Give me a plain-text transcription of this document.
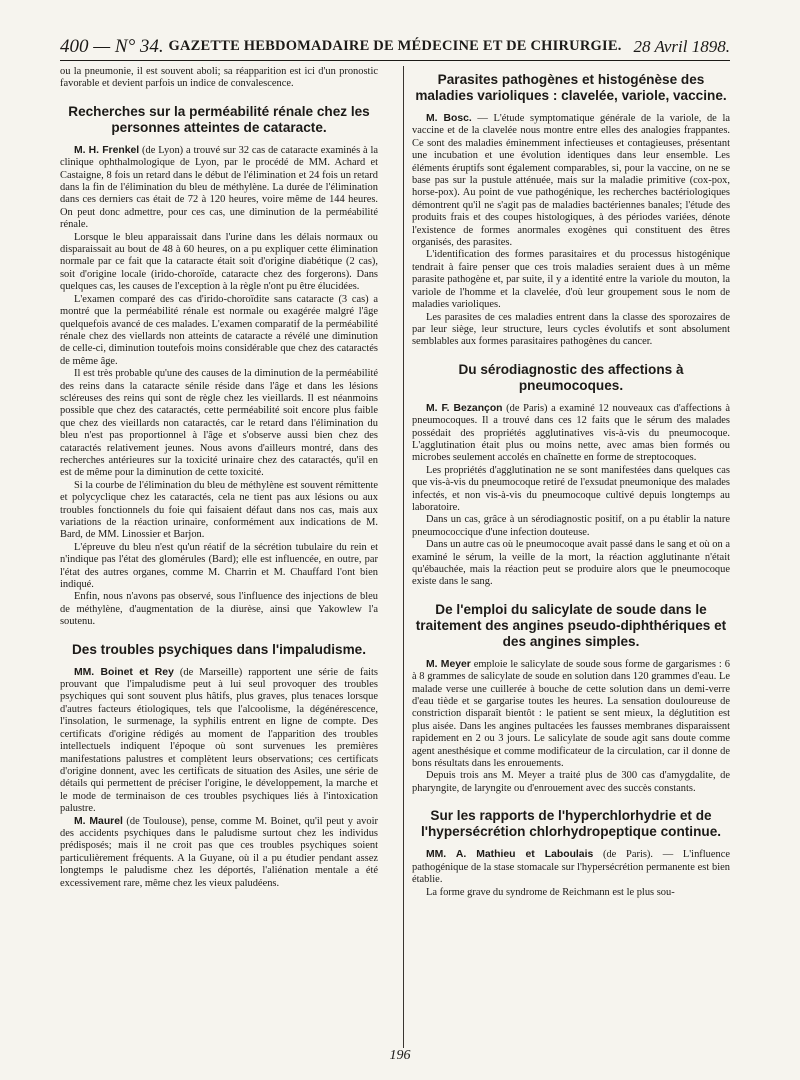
400 — N° 34. GAZETTE HEBDOMADAIRE DE MÉDECINE ET DE CHIRURGIE. 28 Avril 1898.

ou la pneumonie, il est souvent aboli; sa réapparition est ici d'un pronostic favorable et devient parfois un indice de convalescence.

Recherches sur la perméabilité rénale chez les personnes atteintes de cataracte.

M. H. Frenkel (de Lyon) a trouvé sur 32 cas de cataracte examinés à la clinique ophthalmologique de Lyon, par le procédé de MM. Achard et Castaigne, 8 fois un retard dans le début de l'élimination et 24 fois un retard dans la fin de l'élimination du bleu de méthylène. La durée de l'élimination dans ces derniers cas était de 72 à 120 heures, voire même de 144 heures. On peut donc admettre, pour ces cas, une diminution de la perméabilité rénale.

Lorsque le bleu apparaissait dans l'urine dans les délais normaux ou disparaissait au bout de 48 à 60 heures, on a pu expliquer cette élimination normale par ce fait que la cataracte était soit d'origine diabétique (2 cas), soit d'origine locale (irido-choroïde, cataracte chez des forgerons). Dans quelques cas, les causes de l'exception à la règle n'ont pu être élucidées.

L'examen comparé des cas d'irido-choroïdite sans cataracte (3 cas) a montré que la perméabilité rénale est normale ou exagérée malgré l'âge quelquefois avancé de ces malades. L'examen comparatif de la perméabilité rénale chez des viellards non atteints de cataracte a révélé une diminution de celle-ci, diminution toutefois moins considérable que chez des cataractés de même âge.

Il est très probable qu'une des causes de la diminution de la perméabilité des reins dans la cataracte sénile réside dans l'âge et dans les lésions scléreuses des reins qui sont de règle chez les vieillards. Il est néanmoins possible que chez des cataractés, cette perméabilité soit encore plus faible que chez des vieillards non cataractés, car le retard dans l'élimination du bleu n'est pas proportionnel à l'âge et s'observe aussi bien chez des cataractés relativement jeunes. Nous avons d'ailleurs montré, dans des recherches antérieures sur la toxicité urinaire chez des cataractés, qu'il en est de même pour la diminution de cette toxicité.

Si la courbe de l'élimination du bleu de méthylène est souvent rémittente et polycyclique chez les cataractés, cela ne tient pas aux lésions ou aux troubles fonctionnels du foie qui faisaient défaut dans nos cas, mais aux variations de la réaction urinaire, conformément aux indications de M. Bard, de MM. Linossier et Barjon.

L'épreuve du bleu n'est qu'un réatif de la sécrétion tubulaire du rein et n'indique pas l'état des glomérules (Bard); elle est influencée, en outre, par l'état des autres organes, comme M. Charrin et M. Chauffard l'ont bien indiqué.

Enfin, nous n'avons pas observé, sous l'influence des injections de bleu de méthylène, d'augmentation de la diurèse, ainsi que Yakowlew l'a soutenu.

Des troubles psychiques dans l'impaludisme.

MM. Boinet et Rey (de Marseille) rapportent une série de faits prouvant que l'impaludisme peut à lui seul provoquer des troubles psychiques qui sont souvent plus hâtifs, plus graves, plus tenaces lorsque d'autres facteurs étiologiques, tels que l'alcoolisme, la dégénérescence, l'insolation, le surmenage, la syphilis entrent en ligne de compte. Des certificats d'origine rédigés au moment de l'apparition des troubles intellectuels indiquent l'époque où sont survenues les premières manifestations palustres et complètent leurs observations; ces certificats d'origine donnent, avec les certificats de situation des Asiles, une série de détails qui permettent de préciser l'origine, le développement, la marche et le mode de terminaison de ces troubles psychiques liés à l'intoxication palustre.

M. Maurel (de Toulouse), pense, comme M. Boinet, qu'il peut y avoir des accidents psychiques dans le paludisme surtout chez les individus prédisposés; mais il ne croit pas que ces troubles psychiques soient particulièrement fréquents. A la Guyane, où il a pu étudier pendant assez longtemps le paludisme chez les déportés, l'aliénation mentale a été excessivement rare, même chez les vieux paludéens.

Parasites pathogènes et histogénèse des maladies varioliques : clavelée, variole, vaccine.

M. Bosc. — L'étude symptomatique générale de la variole, de la vaccine et de la clavelée nous montre entre elles des analogies frappantes. Ce sont des maladies éminemment infectieuses et contagieuses, présentant une incubation et une évolution identiques dans leur ensemble. Les éléments éruptifs sont également comparables, si, pour la vaccine, on ne se base pas sur la pustule atténuée, mais sur la maladie primitive (cox-pox, horse-pox). Au point de vue pathogénique, les recherches bactériologiques démontrent qu'il ne s'agit pas de maladies bactériennes banales; l'étude des produits frais et des coupes histologiques, à des périodes variées, dénote l'existence de formes anormales exogènes qui constituent des êtres organisés, des parasites.

L'identification des formes parasitaires et du processus histogénique tendrait à faire penser que ces trois maladies seraient dues à un même parasite pathogène et, par suite, il y a identité entre la variole du mouton, la variole de l'homme et la clavelée, d'où leur groupement sous le nom de maladies varioliques.

Les parasites de ces maladies entrent dans la classe des sporozaires de par leur siège, leur structure, leurs cycles évolutifs et sont absolument semblables aux formes parasitaires pathogènes du cancer.

Du sérodiagnostic des affections à pneumocoques.

M. F. Bezançon (de Paris) a examiné 12 nouveaux cas d'affections à pneumocoques. Il a trouvé dans ces 12 faits que le sérum des malades possédait des propriétés agglutinatives vis-à-vis du pneumocoque. L'agglutination était plus ou moins nette, avec amas bien formés ou microbes seulement accolés en chaînette en forme de streptocoques.

Les propriétés d'agglutination ne se sont manifestées dans quelques cas que vis-à-vis du pneumocoque retiré de l'exsudat pneumonique des malades infectés, et non vis-à-vis du pneumocoque cultivé depuis longtemps au laboratoire.

Dans un cas, grâce à un sérodiagnostic positif, on a pu établir la nature pneumococcique d'une infection douteuse.

Dans un autre cas où le pneumocoque avait passé dans le sang et où on a examiné le sérum, la veille de la mort, la réaction agglutinante n'était qu'ébauchée, mais la réaction peut se produire alors que le pneumocoque existe dans le sang.

De l'emploi du salicylate de soude dans le traitement des angines pseudo-diphthériques et des angines simples.

M. Meyer emploie le salicylate de soude sous forme de gargarismes : 6 à 8 grammes de salicylate de soude en solution dans 120 grammes d'eau. Le malade verse une cuillerée à bouche de cette solution dans un demi-verre d'eau tiède et se gargarise toutes les heures. La sensation douloureuse de constriction disparaît bientôt : le patient se sent mieux, la déglutition est plus aisée. Dans les angines pultacées les fausses membranes disparaissent rapidement en 2 ou 3 jours. Le salicylate de soude agit sans doute comme agent anesthésique et comme modificateur de la circulation, car il donne de bons résultats dans les enrouements.

Depuis trois ans M. Meyer a traité plus de 300 cas d'amygdalite, de pharyngite, de laryngite ou d'enrouement avec des succès constants.

Sur les rapports de l'hyperchlorhydrie et de l'hypersécrétion chlorhydropeptique continue.

MM. A. Mathieu et Laboulais (de Paris). — L'influence pathogénique de la stase stomacale sur l'hypersécrétion permanente est bien établie.

La forme grave du syndrome de Reichmann est le plus sou-

196
